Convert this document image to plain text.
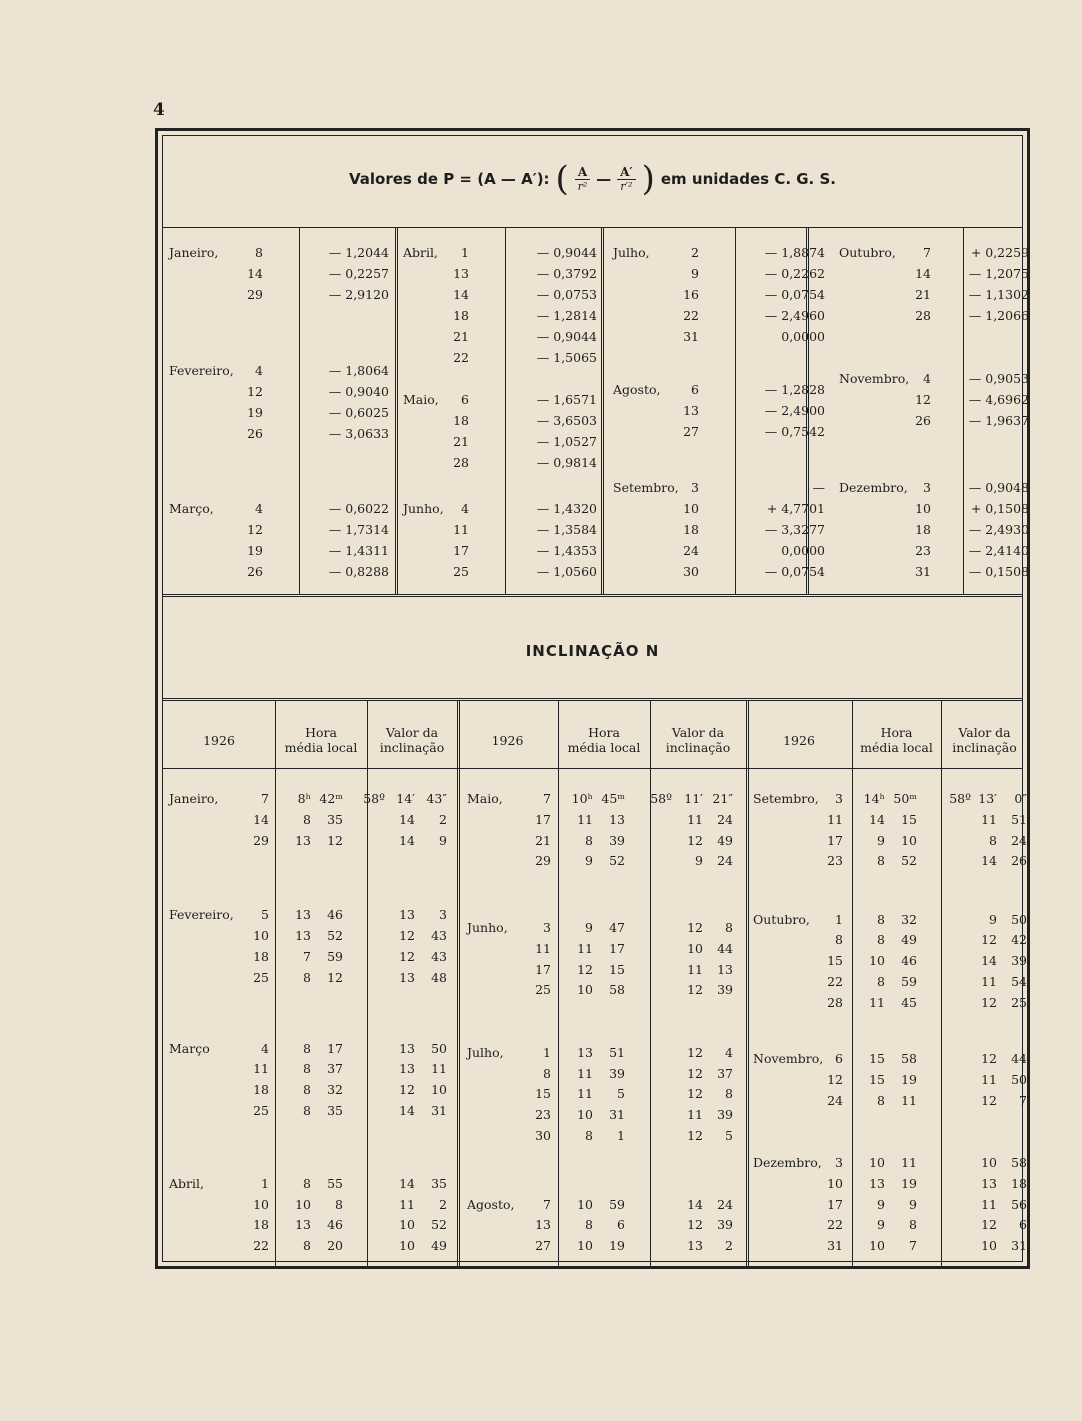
4
Valores de P = (A — A′): ( $\frac{A}{\text{r²}}$ — $\frac{A'}{\text{r′²}}$ ) em unidades C. G. S.
Janeiro,	8	— 1,2044
14	— 0,2257
29	— 2,9120
Fevereiro,	4	— 1,8064
12	— 0,9040
19	— 0,6025
26	— 3,0633
Março,	4	— 0,6022
12	— 1,7314
19	— 1,4311
26	— 0,8288
Abril,	1	— 0,9044
13	— 0,3792
14	— 0,0753
18	— 1,2814
21	— 0,9044
22	— 1,5065
Maio,	6	— 1,6571
18	— 3,6503
21	— 1,0527
28	— 0,9814
Junho,	4	— 1,4320
11	— 1,3584
17	— 1,4353
25	— 1,0560
Julho,	2	— 1,8874
9	— 0,2262
16	— 0,0754
22	— 2,4960
31	0,0000
Agosto,	6	— 1,2828
13	— 2,4900
27	— 0,7542
Setembro, 3	—
10	+ 4,7701
18	— 3,3277
24	0,0000
30	— 0,0754
Outubro,	7	+ 0,2259
14	— 1,2075
21	— 1,1302
28	— 1,2066
Novembro,	4	— 0,9053
12	— 4,6962
26	— 1,9637
Dezembro,	3	— 0,9048
10	+ 0,1508
18	— 2,4930
23	— 2,4140
31	— 0,1508
INCLINAÇÃO N
1926
Hora
média local
Valor da
inclinação	1926
Hora
média local
Valor da
inclinação	1926
Hora
média local
Valor da
inclinação
Janeiro,	7	8ʰ 42ᵐ	58º 14′ 43″
14	8	35	14	2
29	13	12	14	9
Fevereiro,	5	13	46	13	3
10	13	52	12	43
18	7	59	12	43
25	8	12	13	48
Março	4	8	17	13	50
11	8	37	13	11
18	8	32	12	10
25	8	35	14	31
Abril,	1	8	55	14	35
10	10	8	11	2
18	13	46	10	52
22	8	20	10	49
Maio,	7	10ʰ 45ᵐ	58º 11′ 21″
17	11	13	11	24
21	8	39	12	49
29	9	52	9	24
Junho,	3	9	47	12	8
11	11	17	10	44
17	12	15	11	13
25	10	58	12	39
Julho,	1	13	51	12	4
8	11	39	12	37
15	11	5	12	8
23	10	31	11	39
30	8	1	12	5
Agosto,	7	10	59	14	24
13	8	6	12	39
27	10	19	13	2
Setembro,	3	14ʰ 50ᵐ	58º 13′	0″
11	14	15	11	51
17	9	10	8	24
23	8	52	14	26
Outubro,	1	8	32	9	50
8	8	49	12	42
15	10	46	14	39
22	8	59	11	54
28	11	45	12	25
Novembro, 6	15	58	12	44
12	15	19	11	50
24	8	11	12	7
Dezembro,	3	10	11	10	58
10	13	19	13	18
17	9	9	11	56
22	9	8	12	6
31	10	7	10	31
